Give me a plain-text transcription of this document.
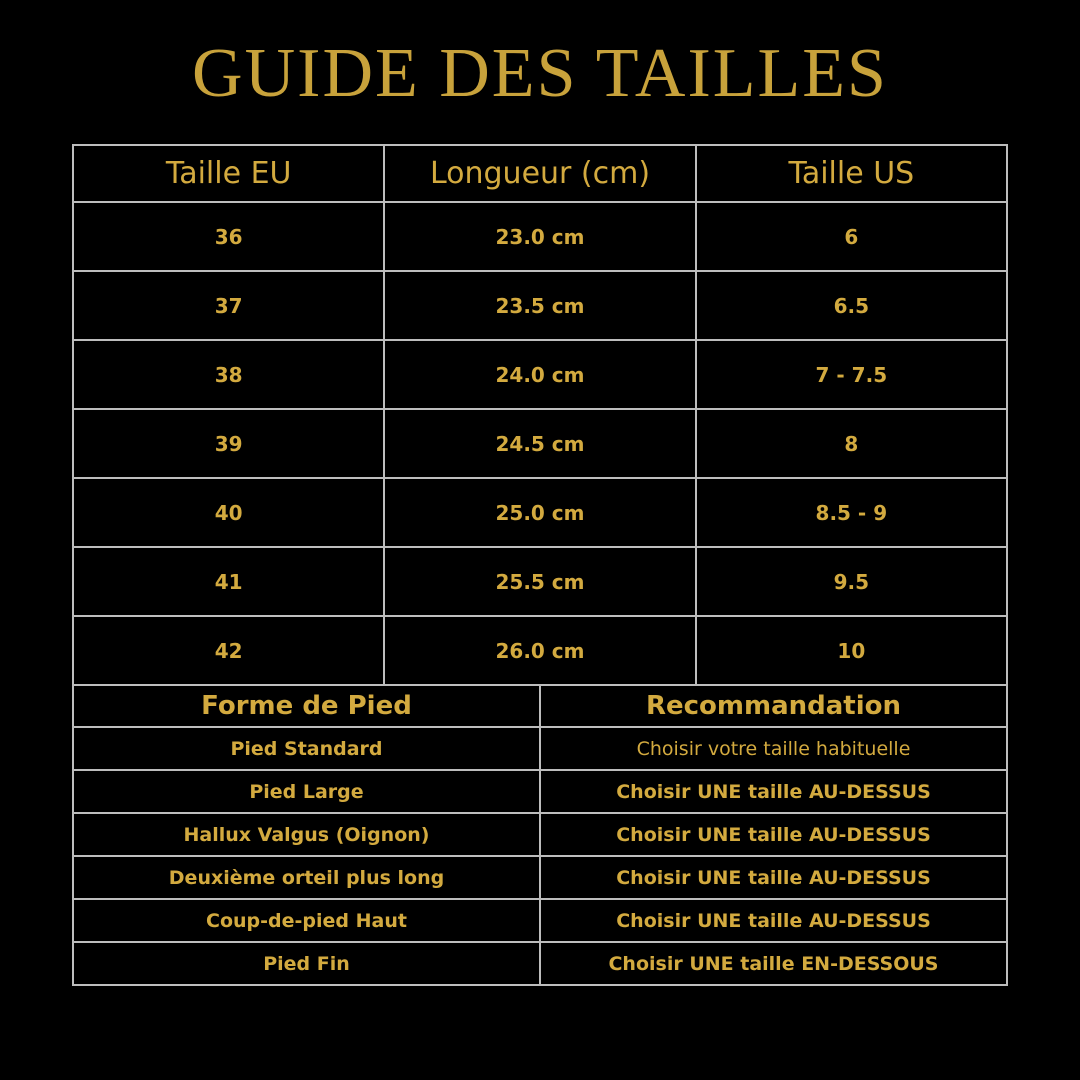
GUIDE DES TAILLES
Taille EU	Longueur (cm)	Taille US
36	23.0 cm	6
37	23.5 cm	6.5
38	24.0 cm	7 - 7.5
39	24.5 cm	8
40	25.0 cm	8.5 - 9
41	25.5 cm	9.5
42	26.0 cm	10
Forme de Pied	Recommandation
Pied Standard	Choisir votre taille habituelle
Pied Large	Choisir UNE taille AU-DESSUS
Hallux Valgus (Oignon)	Choisir UNE taille AU-DESSUS
Deuxième orteil plus long	Choisir UNE taille AU-DESSUS
Coup-de-pied Haut	Choisir UNE taille AU-DESSUS
Pied Fin	Choisir UNE taille EN-DESSOUS
